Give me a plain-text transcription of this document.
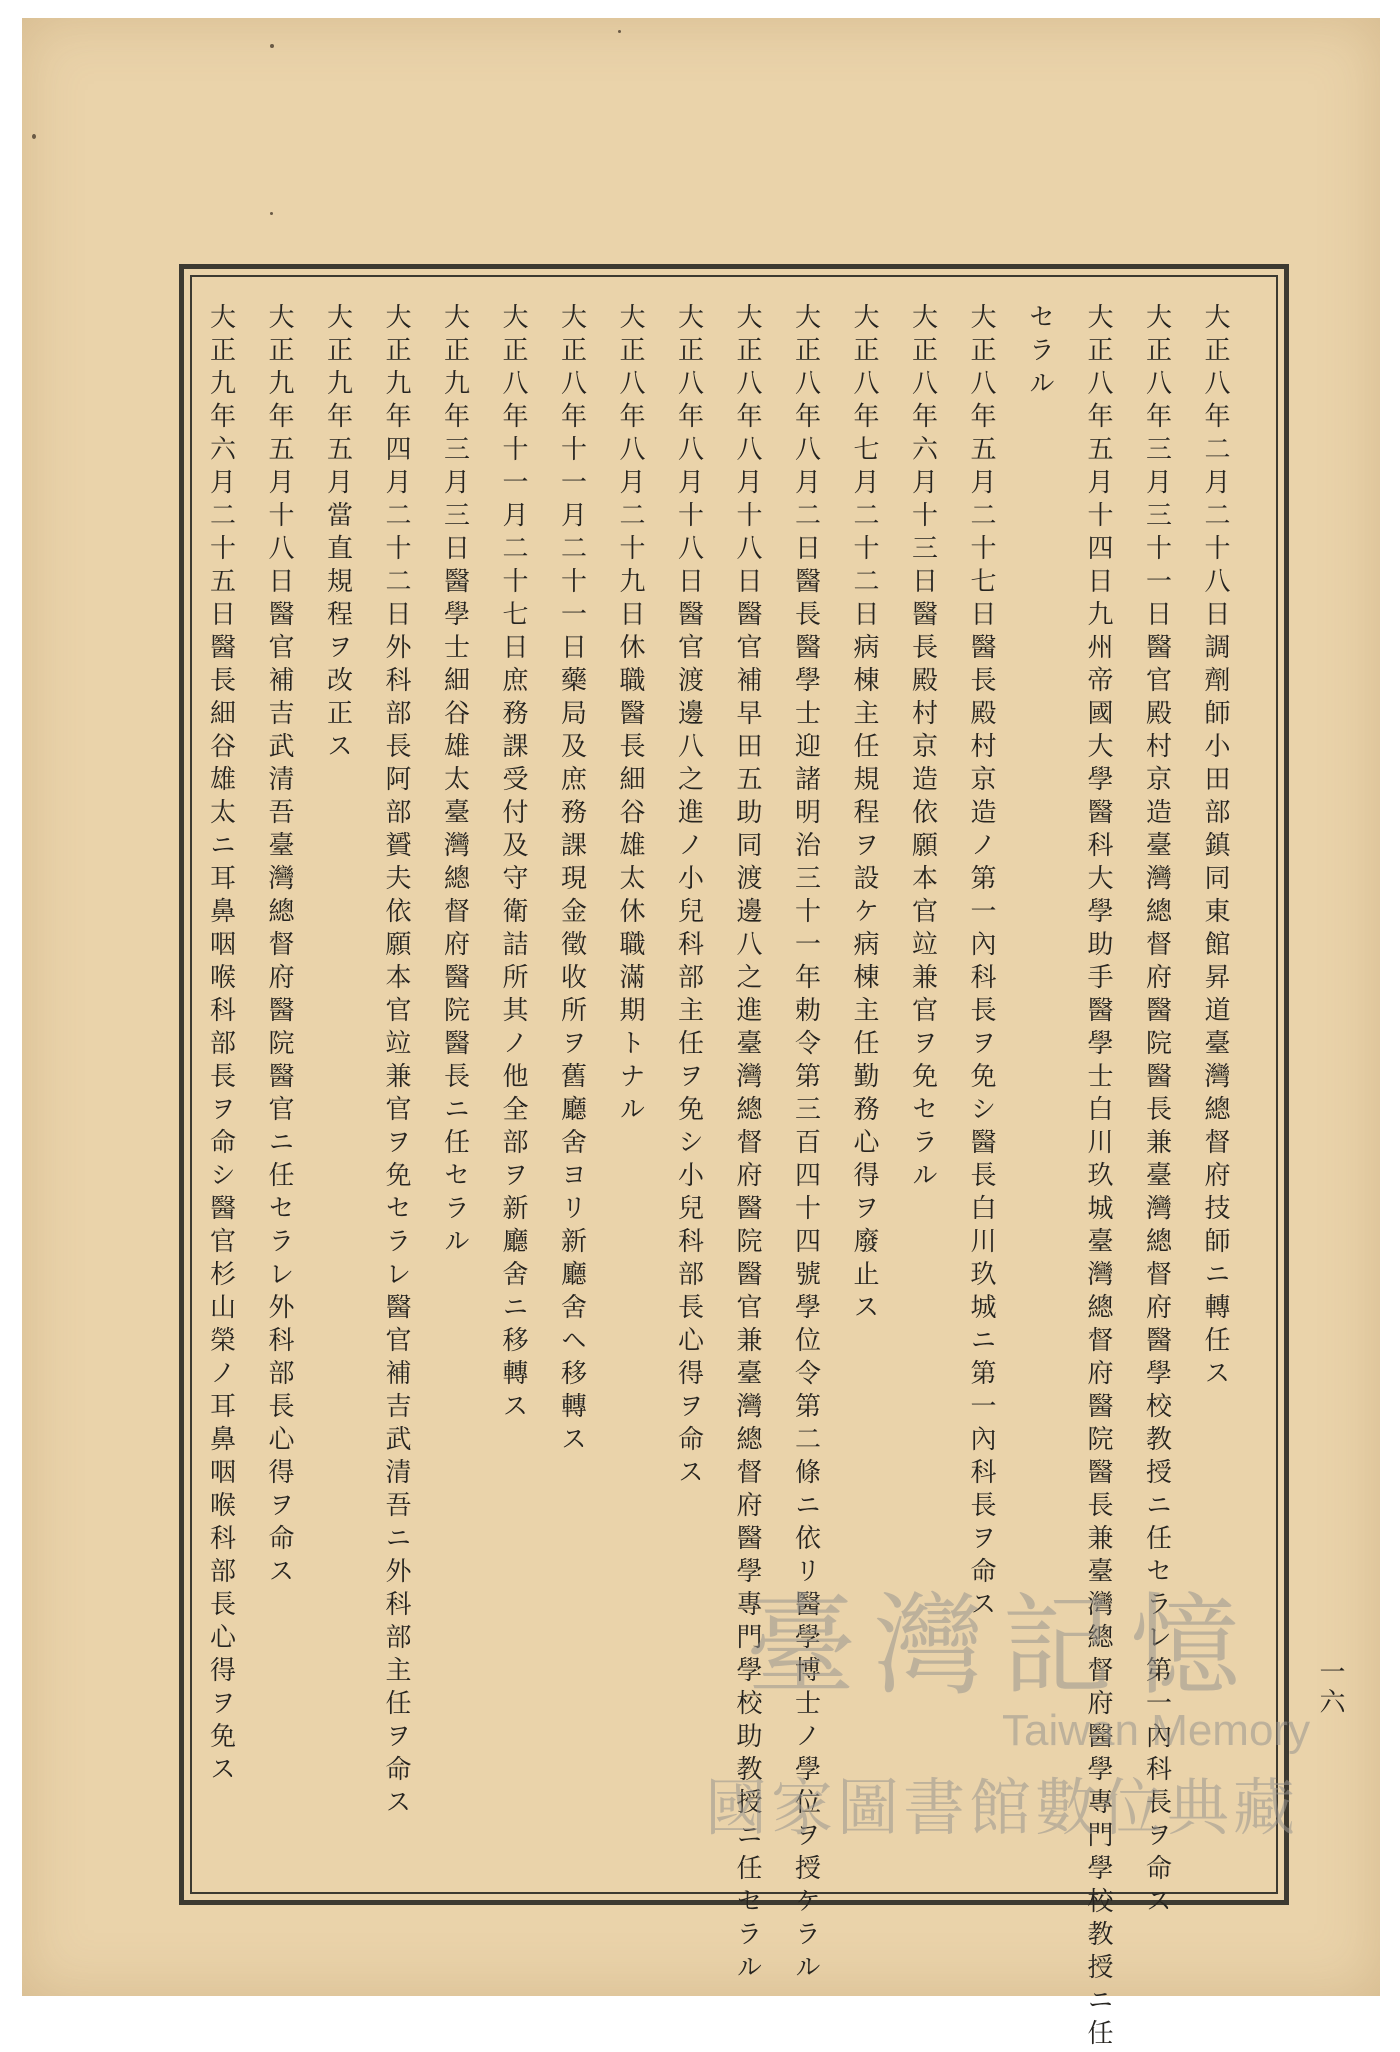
大正八年二月二十八日調劑師小田部鎮同東館昇道臺灣總督府技師ニ轉任ス
大正八年三月三十一日醫官殿村京造臺灣總督府醫院醫長兼臺灣總督府醫學校教授ニ任セラレ第一內科長ヲ命ス
大正八年五月十四日九州帝國大學醫科大學助手醫學士白川玖城臺灣總督府醫院醫長兼臺灣總督府醫學專門學校教授ニ任
セラル
大正八年五月二十七日醫長殿村京造ノ第一內科長ヲ免シ醫長白川玖城ニ第一內科長ヲ命ス
大正八年六月十三日醫長殿村京造依願本官竝兼官ヲ免セラル
大正八年七月二十二日病棟主任規程ヲ設ケ病棟主任勤務心得ヲ廢止ス
大正八年八月二日醫長醫學士迎諸明治三十一年勅令第三百四十四號學位令第二條ニ依リ醫學博士ノ學位ヲ授ケラル
大正八年八月十八日醫官補早田五助同渡邊八之進臺灣總督府醫院醫官兼臺灣總督府醫學專門學校助教授ニ任セラル
大正八年八月十八日醫官渡邊八之進ノ小兒科部主任ヲ免シ小兒科部長心得ヲ命ス
大正八年八月二十九日休職醫長細谷雄太休職滿期トナル
大正八年十一月二十一日藥局及庶務課現金徵收所ヲ舊廳舍ヨリ新廳舍ヘ移轉ス
大正八年十一月二十七日庶務課受付及守衛詰所其ノ他全部ヲ新廳舍ニ移轉ス
大正九年三月三日醫學士細谷雄太臺灣總督府醫院醫長ニ任セラル
大正九年四月二十二日外科部長阿部贇夫依願本官竝兼官ヲ免セラレ醫官補吉武清吾ニ外科部主任ヲ命ス
大正九年五月當直規程ヲ改正ス
大正九年五月十八日醫官補吉武清吾臺灣總督府醫院醫官ニ任セラレ外科部長心得ヲ命ス
大正九年六月二十五日醫長細谷雄太ニ耳鼻咽喉科部長ヲ命シ醫官杉山榮ノ耳鼻咽喉科部長心得ヲ免ス	一六
臺灣記憶
Taiwan Memory
國家圖書館數位典藏
